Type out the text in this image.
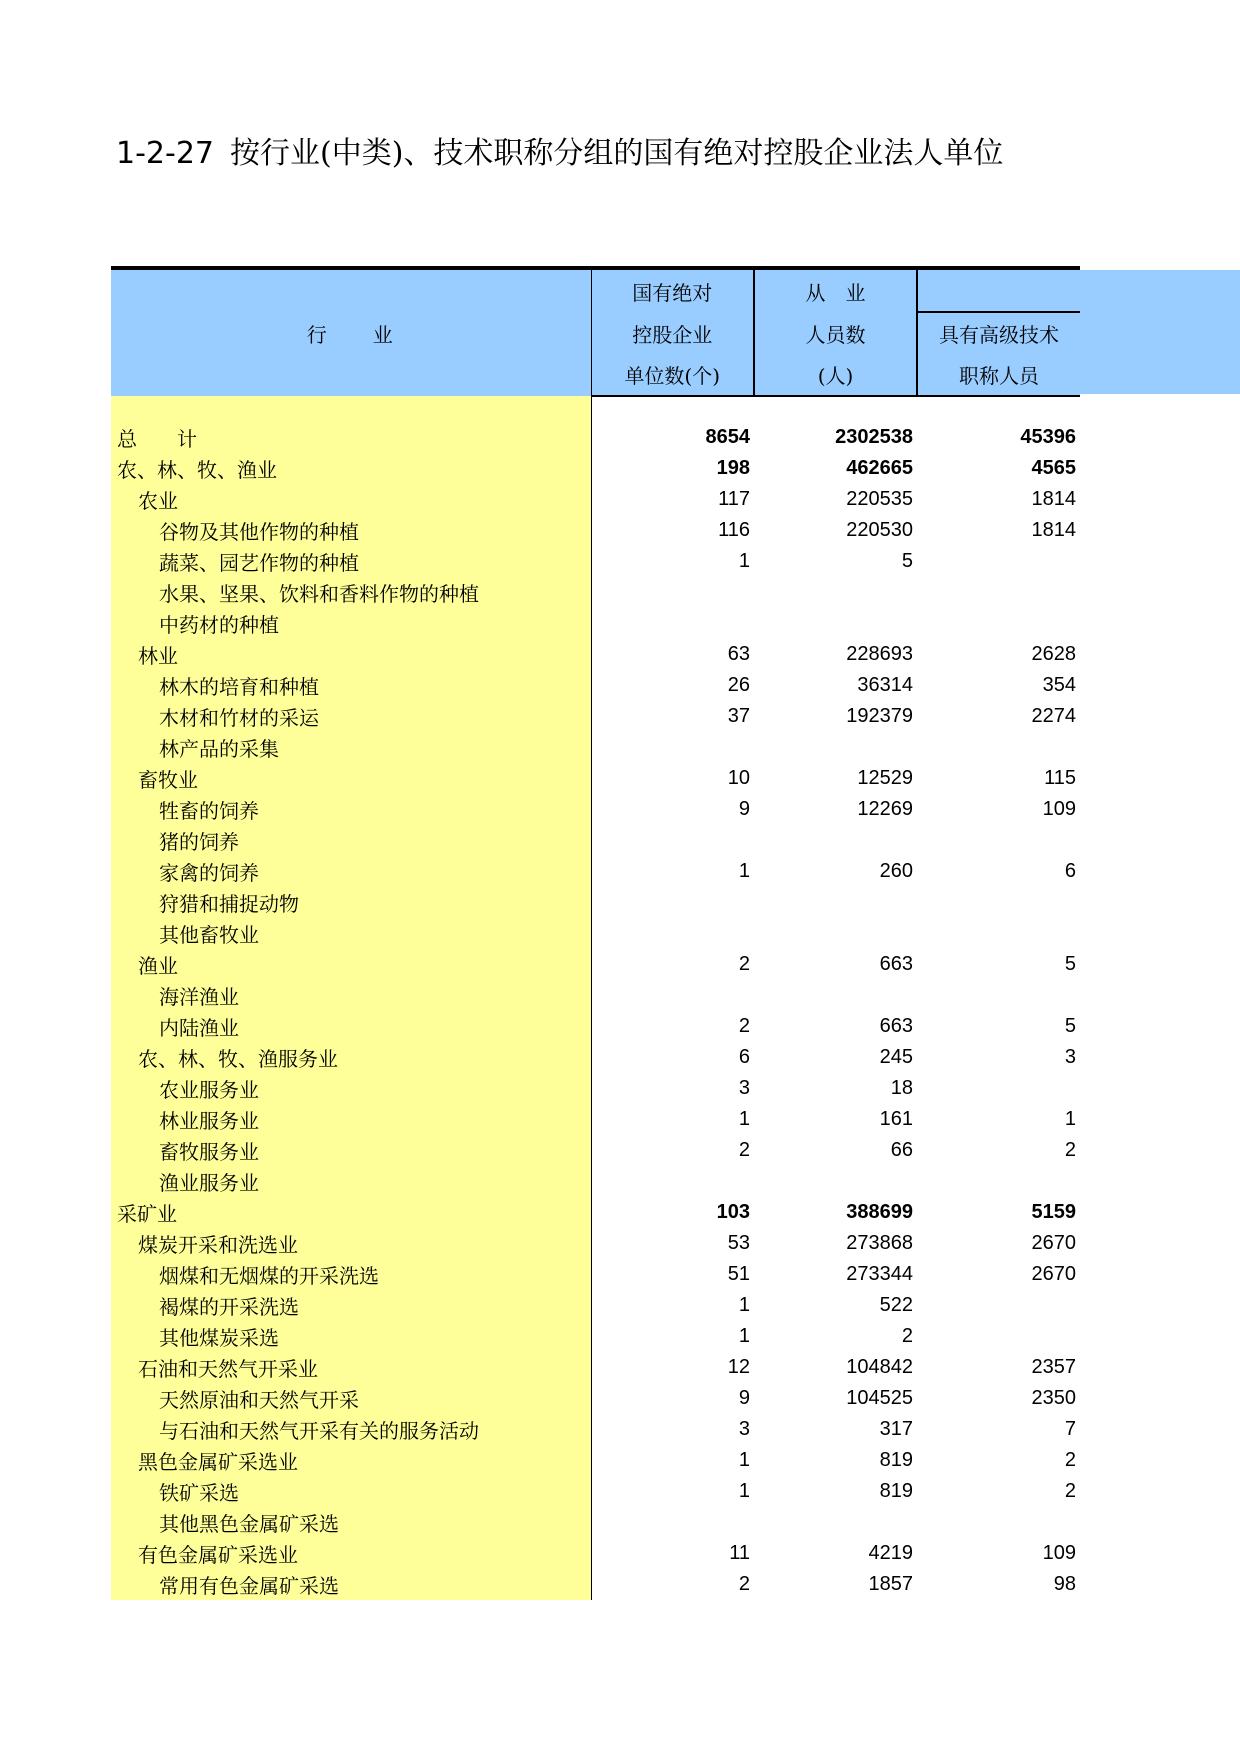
1-2-27 按行业(中类)、技术职称分组的国有绝对控股企业法人单位
行　　业	国有绝对	从　业	
	控股企业	人员数	具有高级技术
	单位数(个)	(人)	职称人员

总　　计	8654	2302538	45396
农、林、牧、渔业	198	462665	4565
农业	117	220535	1814
谷物及其他作物的种植	116	220530	1814
蔬菜、园艺作物的种植	1	5	
水果、坚果、饮料和香料作物的种植			
中药材的种植			
林业	63	228693	2628
林木的培育和种植	26	36314	354
木材和竹材的采运	37	192379	2274
林产品的采集			
畜牧业	10	12529	115
牲畜的饲养	9	12269	109
猪的饲养			
家禽的饲养	1	260	6
狩猎和捕捉动物			
其他畜牧业			
渔业	2	663	5
海洋渔业			
内陆渔业	2	663	5
农、林、牧、渔服务业	6	245	3
农业服务业	3	18	
林业服务业	1	161	1
畜牧服务业	2	66	2
渔业服务业			
采矿业	103	388699	5159
煤炭开采和洗选业	53	273868	2670
烟煤和无烟煤的开采洗选	51	273344	2670
褐煤的开采洗选	1	522	
其他煤炭采选	1	2	
石油和天然气开采业	12	104842	2357
天然原油和天然气开采	9	104525	2350
与石油和天然气开采有关的服务活动	3	317	7
黑色金属矿采选业	1	819	2
铁矿采选	1	819	2
其他黑色金属矿采选			
有色金属矿采选业	11	4219	109
常用有色金属矿采选	2	1857	98
